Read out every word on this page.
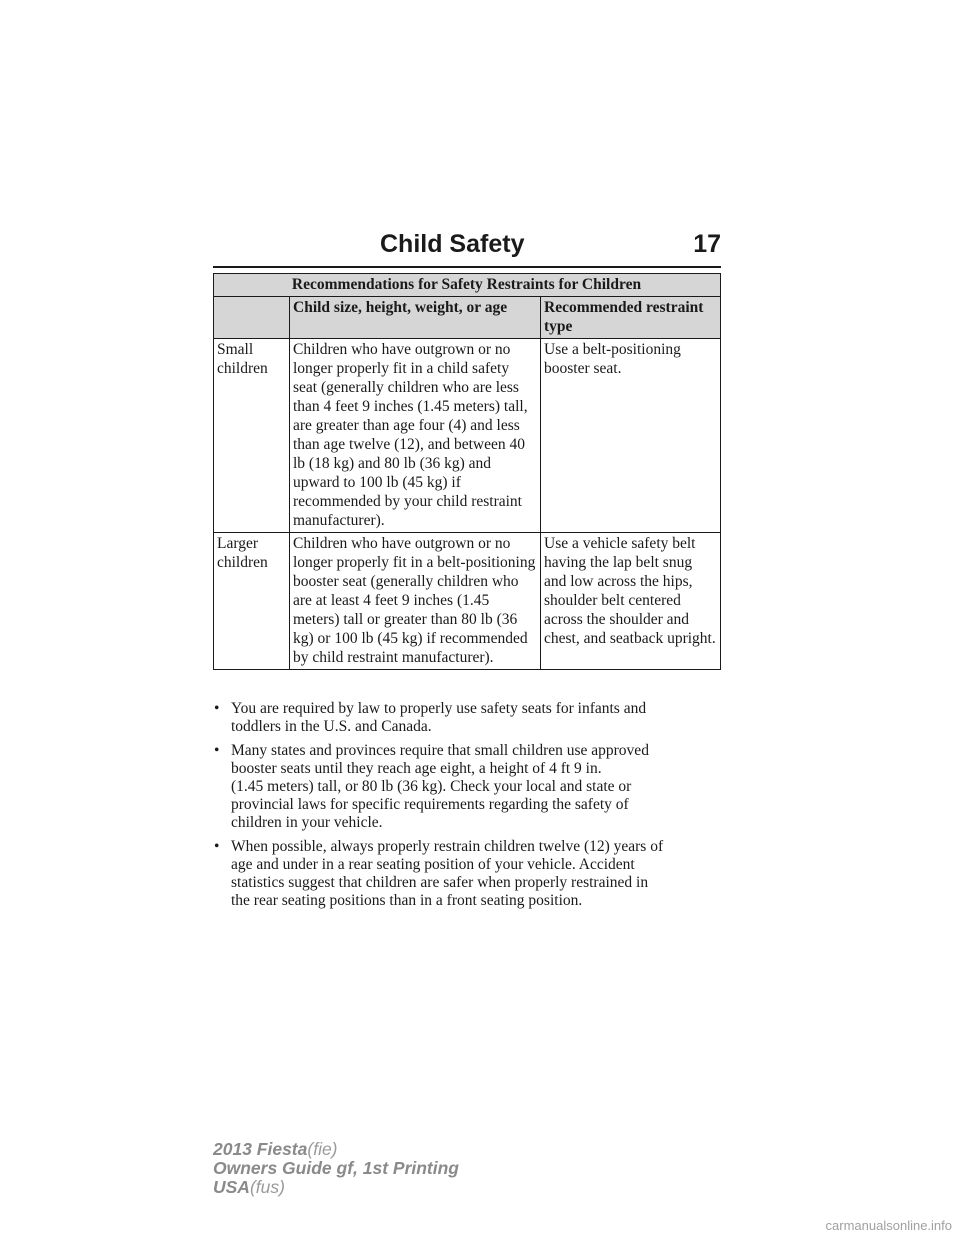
Child Safety	17
Recommendations for Safety Restraints for Children		
	Child size, height, weight, or age	Recommended restraint type
Small
children	Children who have outgrown or no longer properly fit in a child safety seat (generally children who are less than 4 feet 9 inches (1.45 meters) tall, are greater than age four (4) and less than age twelve (12), and between 40 lb (18 kg) and 80 lb (36 kg) and upward to 100 lb (45 kg) if recommended by your child restraint manufacturer).	Use a belt-positioning booster seat.
Larger
children	Children who have outgrown or no longer properly fit in a belt-positioning booster seat (generally children who are at least 4 feet 9 inches (1.45 meters) tall or greater than 80 lb (36 kg) or 100 lb (45 kg) if recommended by child restraint manufacturer).	Use a vehicle safety belt having the lap belt snug and low across the hips, shoulder belt centered across the shoulder and chest, and seatback upright.
• You are required by law to properly use safety seats for infants and
toddlers in the U.S. and Canada.
• Many states and provinces require that small children use approved
booster seats until they reach age eight, a height of 4 ft 9 in.
(1.45 meters) tall, or 80 lb (36 kg). Check your local and state or
provincial laws for specific requirements regarding the safety of
children in your vehicle.
• When possible, always properly restrain children twelve (12) years of
age and under in a rear seating position of your vehicle. Accident
statistics suggest that children are safer when properly restrained in
the rear seating positions than in a front seating position.
2013 Fiesta(fie)
Owners Guide gf, 1st Printing
USA(fus)
carmanualsonline.info
